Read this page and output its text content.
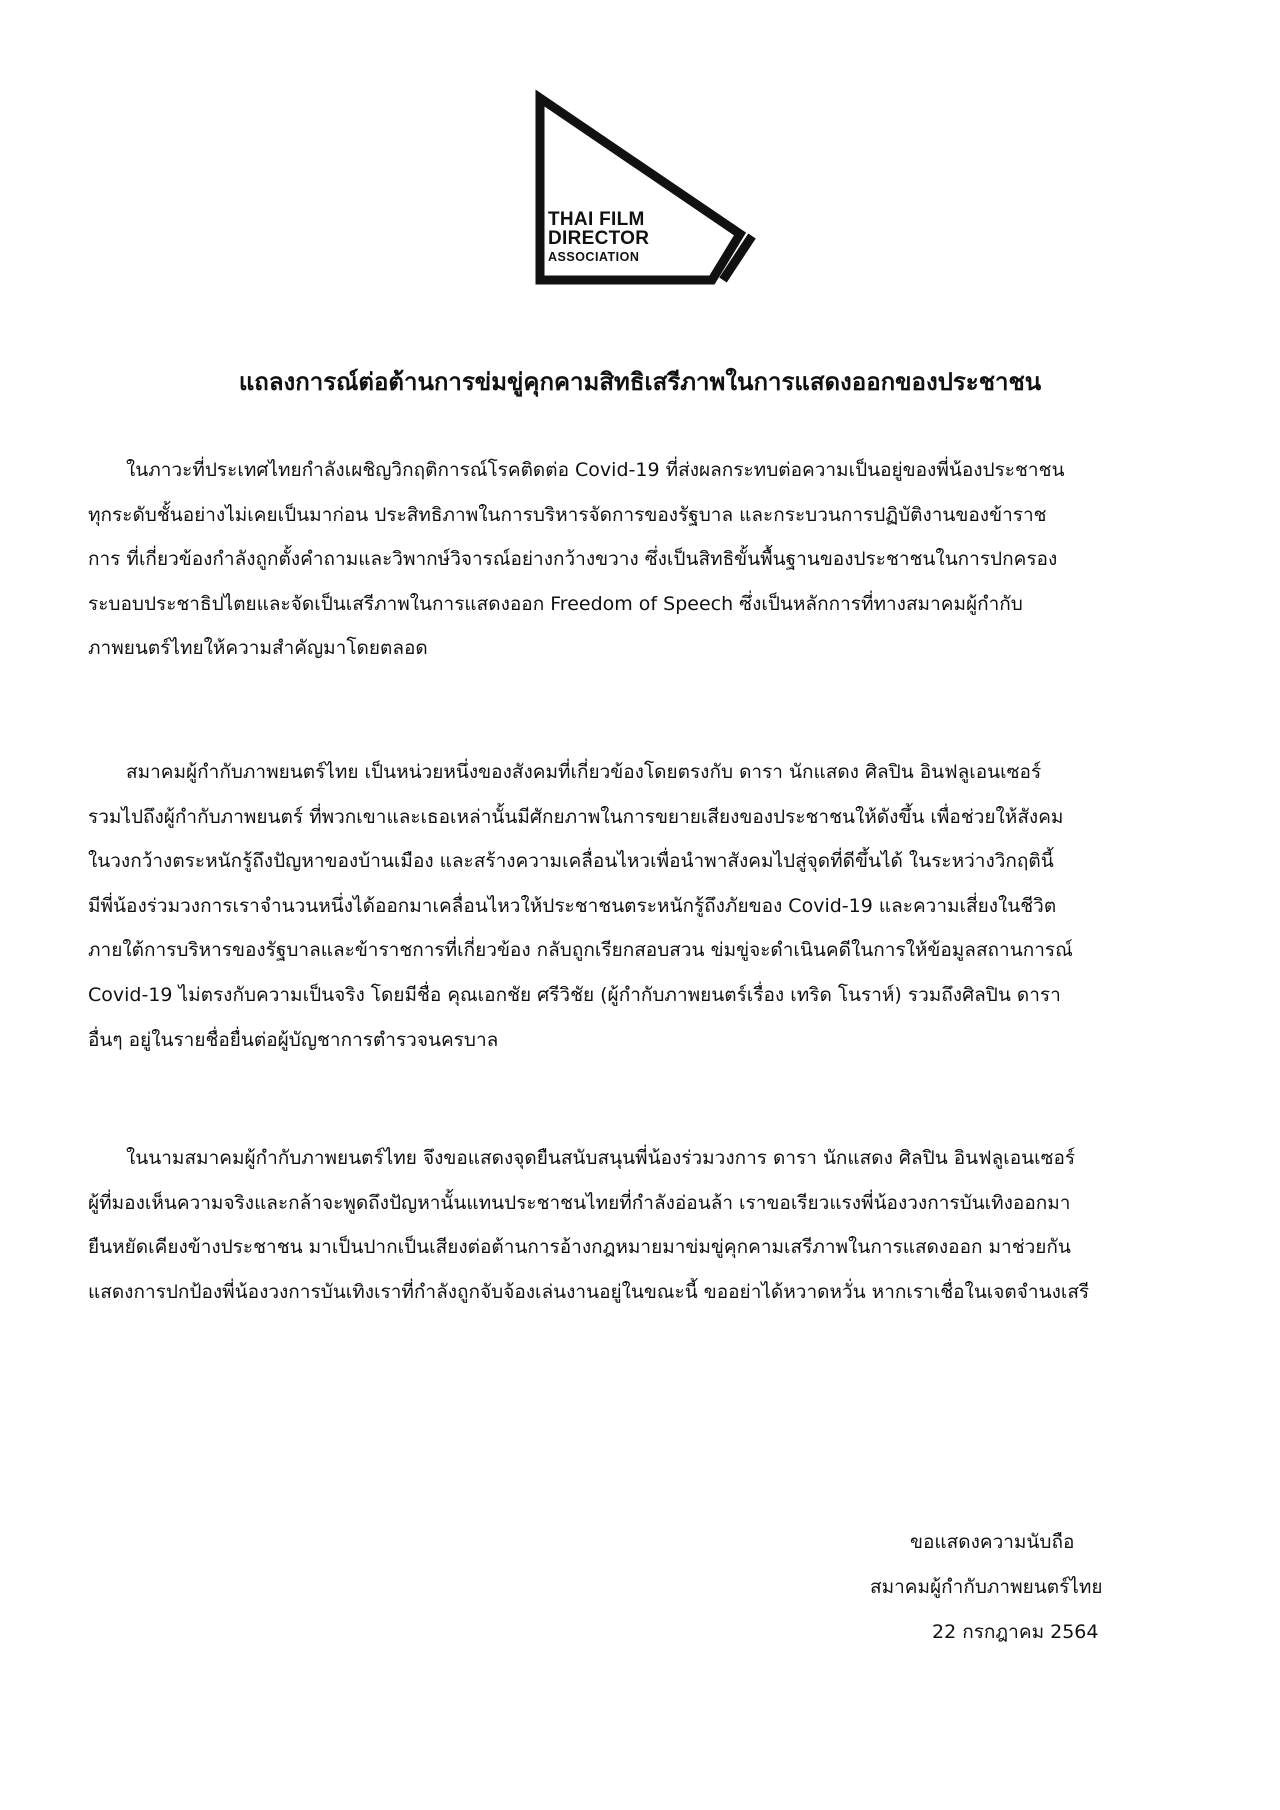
THAI FILM
DIRECTOR
ASSOCIATION
แถลงการณ์ต่อต้านการข่มขู่คุกคามสิทธิเสรีภาพในการแสดงออกของประชาชน

ในภาวะที่ประเทศไทยกำลังเผชิญวิกฤติการณ์โรคติดต่อ Covid-19 ที่ส่งผลกระทบต่อความเป็นอยู่ของพี่น้องประชาชน
ทุกระดับชั้นอย่างไม่เคยเป็นมาก่อน ประสิทธิภาพในการบริหารจัดการของรัฐบาล และกระบวนการปฏิบัติงานของข้าราช
การ ที่เกี่ยวข้องกำลังถูกตั้งคำถามและวิพากษ์วิจารณ์อย่างกว้างขวาง ซึ่งเป็นสิทธิขั้นพื้นฐานของประชาชนในการปกครอง
ระบอบประชาธิปไตยและจัดเป็นเสรีภาพในการแสดงออก Freedom of Speech ซึ่งเป็นหลักการที่ทางสมาคมผู้กำกับ
ภาพยนตร์ไทยให้ความสำคัญมาโดยตลอด

สมาคมผู้กำกับภาพยนตร์ไทย เป็นหน่วยหนึ่งของสังคมที่เกี่ยวข้องโดยตรงกับ ดารา นักแสดง ศิลปิน อินฟลูเอนเซอร์
รวมไปถึงผู้กำกับภาพยนตร์ ที่พวกเขาและเธอเหล่านั้นมีศักยภาพในการขยายเสียงของประชาชนให้ดังขึ้น เพื่อช่วยให้สังคม
ในวงกว้างตระหนักรู้ถึงปัญหาของบ้านเมือง และสร้างความเคลื่อนไหวเพื่อนำพาสังคมไปสู่จุดที่ดีขึ้นได้ ในระหว่างวิกฤตินี้
มีพี่น้องร่วมวงการเราจำนวนหนึ่งได้ออกมาเคลื่อนไหวให้ประชาชนตระหนักรู้ถึงภัยของ Covid-19 และความเสี่ยงในชีวิต
ภายใต้การบริหารของรัฐบาลและข้าราชการที่เกี่ยวข้อง กลับถูกเรียกสอบสวน ข่มขู่จะดำเนินคดีในการให้ข้อมูลสถานการณ์
Covid-19 ไม่ตรงกับความเป็นจริง โดยมีชื่อ คุณเอกชัย ศรีวิชัย (ผู้กำกับภาพยนตร์เรื่อง เทริด โนราห์) รวมถึงศิลปิน ดารา
อื่นๆ อยู่ในรายชื่อยื่นต่อผู้บัญชาการตำรวจนครบาล

ในนามสมาคมผู้กำกับภาพยนตร์ไทย จึงขอแสดงจุดยืนสนับสนุนพี่น้องร่วมวงการ ดารา นักแสดง ศิลปิน อินฟลูเอนเซอร์
ผู้ที่มองเห็นความจริงและกล้าจะพูดถึงปัญหานั้นแทนประชาชนไทยที่กำลังอ่อนล้า เราขอเรียวแรงพี่น้องวงการบันเทิงออกมา
ยืนหยัดเคียงข้างประชาชน มาเป็นปากเป็นเสียงต่อต้านการอ้างกฎหมายมาข่มขู่คุกคามเสรีภาพในการแสดงออก มาช่วยกัน
แสดงการปกป้องพี่น้องวงการบันเทิงเราที่กำลังถูกจับจ้องเล่นงานอยู่ในขณะนี้ ขออย่าได้หวาดหวั่น หากเราเชื่อในเจตจำนงเสรี

ขอแสดงความนับถือ
สมาคมผู้กำกับภาพยนตร์ไทย
22 กรกฎาคม 2564
